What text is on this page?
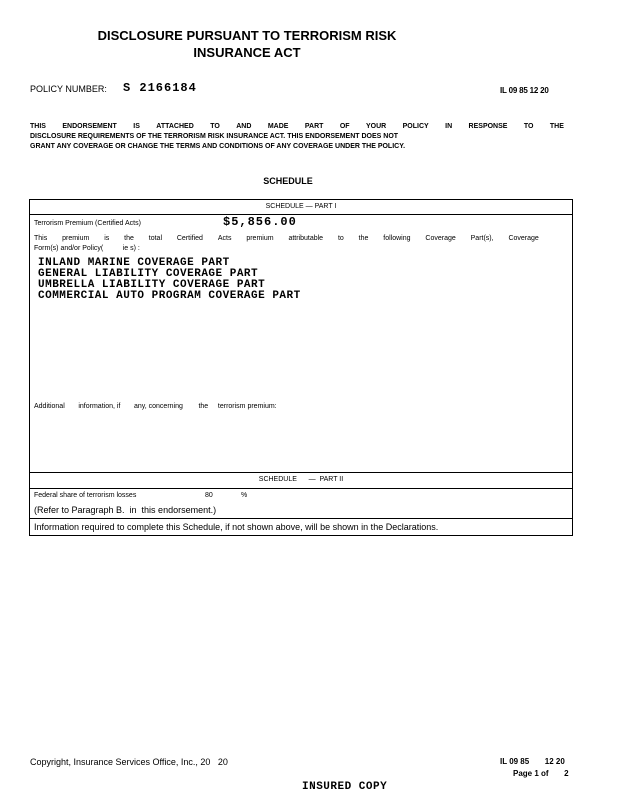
DISCLOSURE PURSUANT TO TERRORISM RISK
INSURANCE ACT
POLICY NUMBER: S 2166184	IL 09 85 12 20
THIS ENDORSEMENT IS ATTACHED TO AND MADE PART OF YOUR POLICY IN RESPONSE TO THE
DISCLOSURE REQUIREMENTS OF THE TERRORISM RISK INSURANCE ACT. THIS ENDORSEMENT DOES NOT
GRANT ANY COVERAGE OR CHANGE THE TERMS AND CONDITIONS OF ANY COVERAGE UNDER THE POLICY.
SCHEDULE
SCHEDULE — PART I
Terrorism Premium (Certified Acts)	$5,856.00
This premium is the total Certified Acts premium attributable to the following Coverage Part(s), Coverage
Form(s) and/or Policy(          ie s) :
INLAND MARINE COVERAGE PART
GENERAL LIABILITY COVERAGE PART
UMBRELLA LIABILITY COVERAGE PART
COMMERCIAL AUTO PROGRAM COVERAGE PART
Additional       information, if       any, concerning        the     terrorism premium:
SCHEDULE      —  PART II
Federal share of terrorism losses	80	%
(Refer to Paragraph B.  in  this endorsement.)
Information required to complete this Schedule, if not shown above, will be shown in the Declarations.
Copyright, Insurance Services Office, Inc., 20   20	IL 09 85       12 20
Page 1 of       2
INSURED COPY
